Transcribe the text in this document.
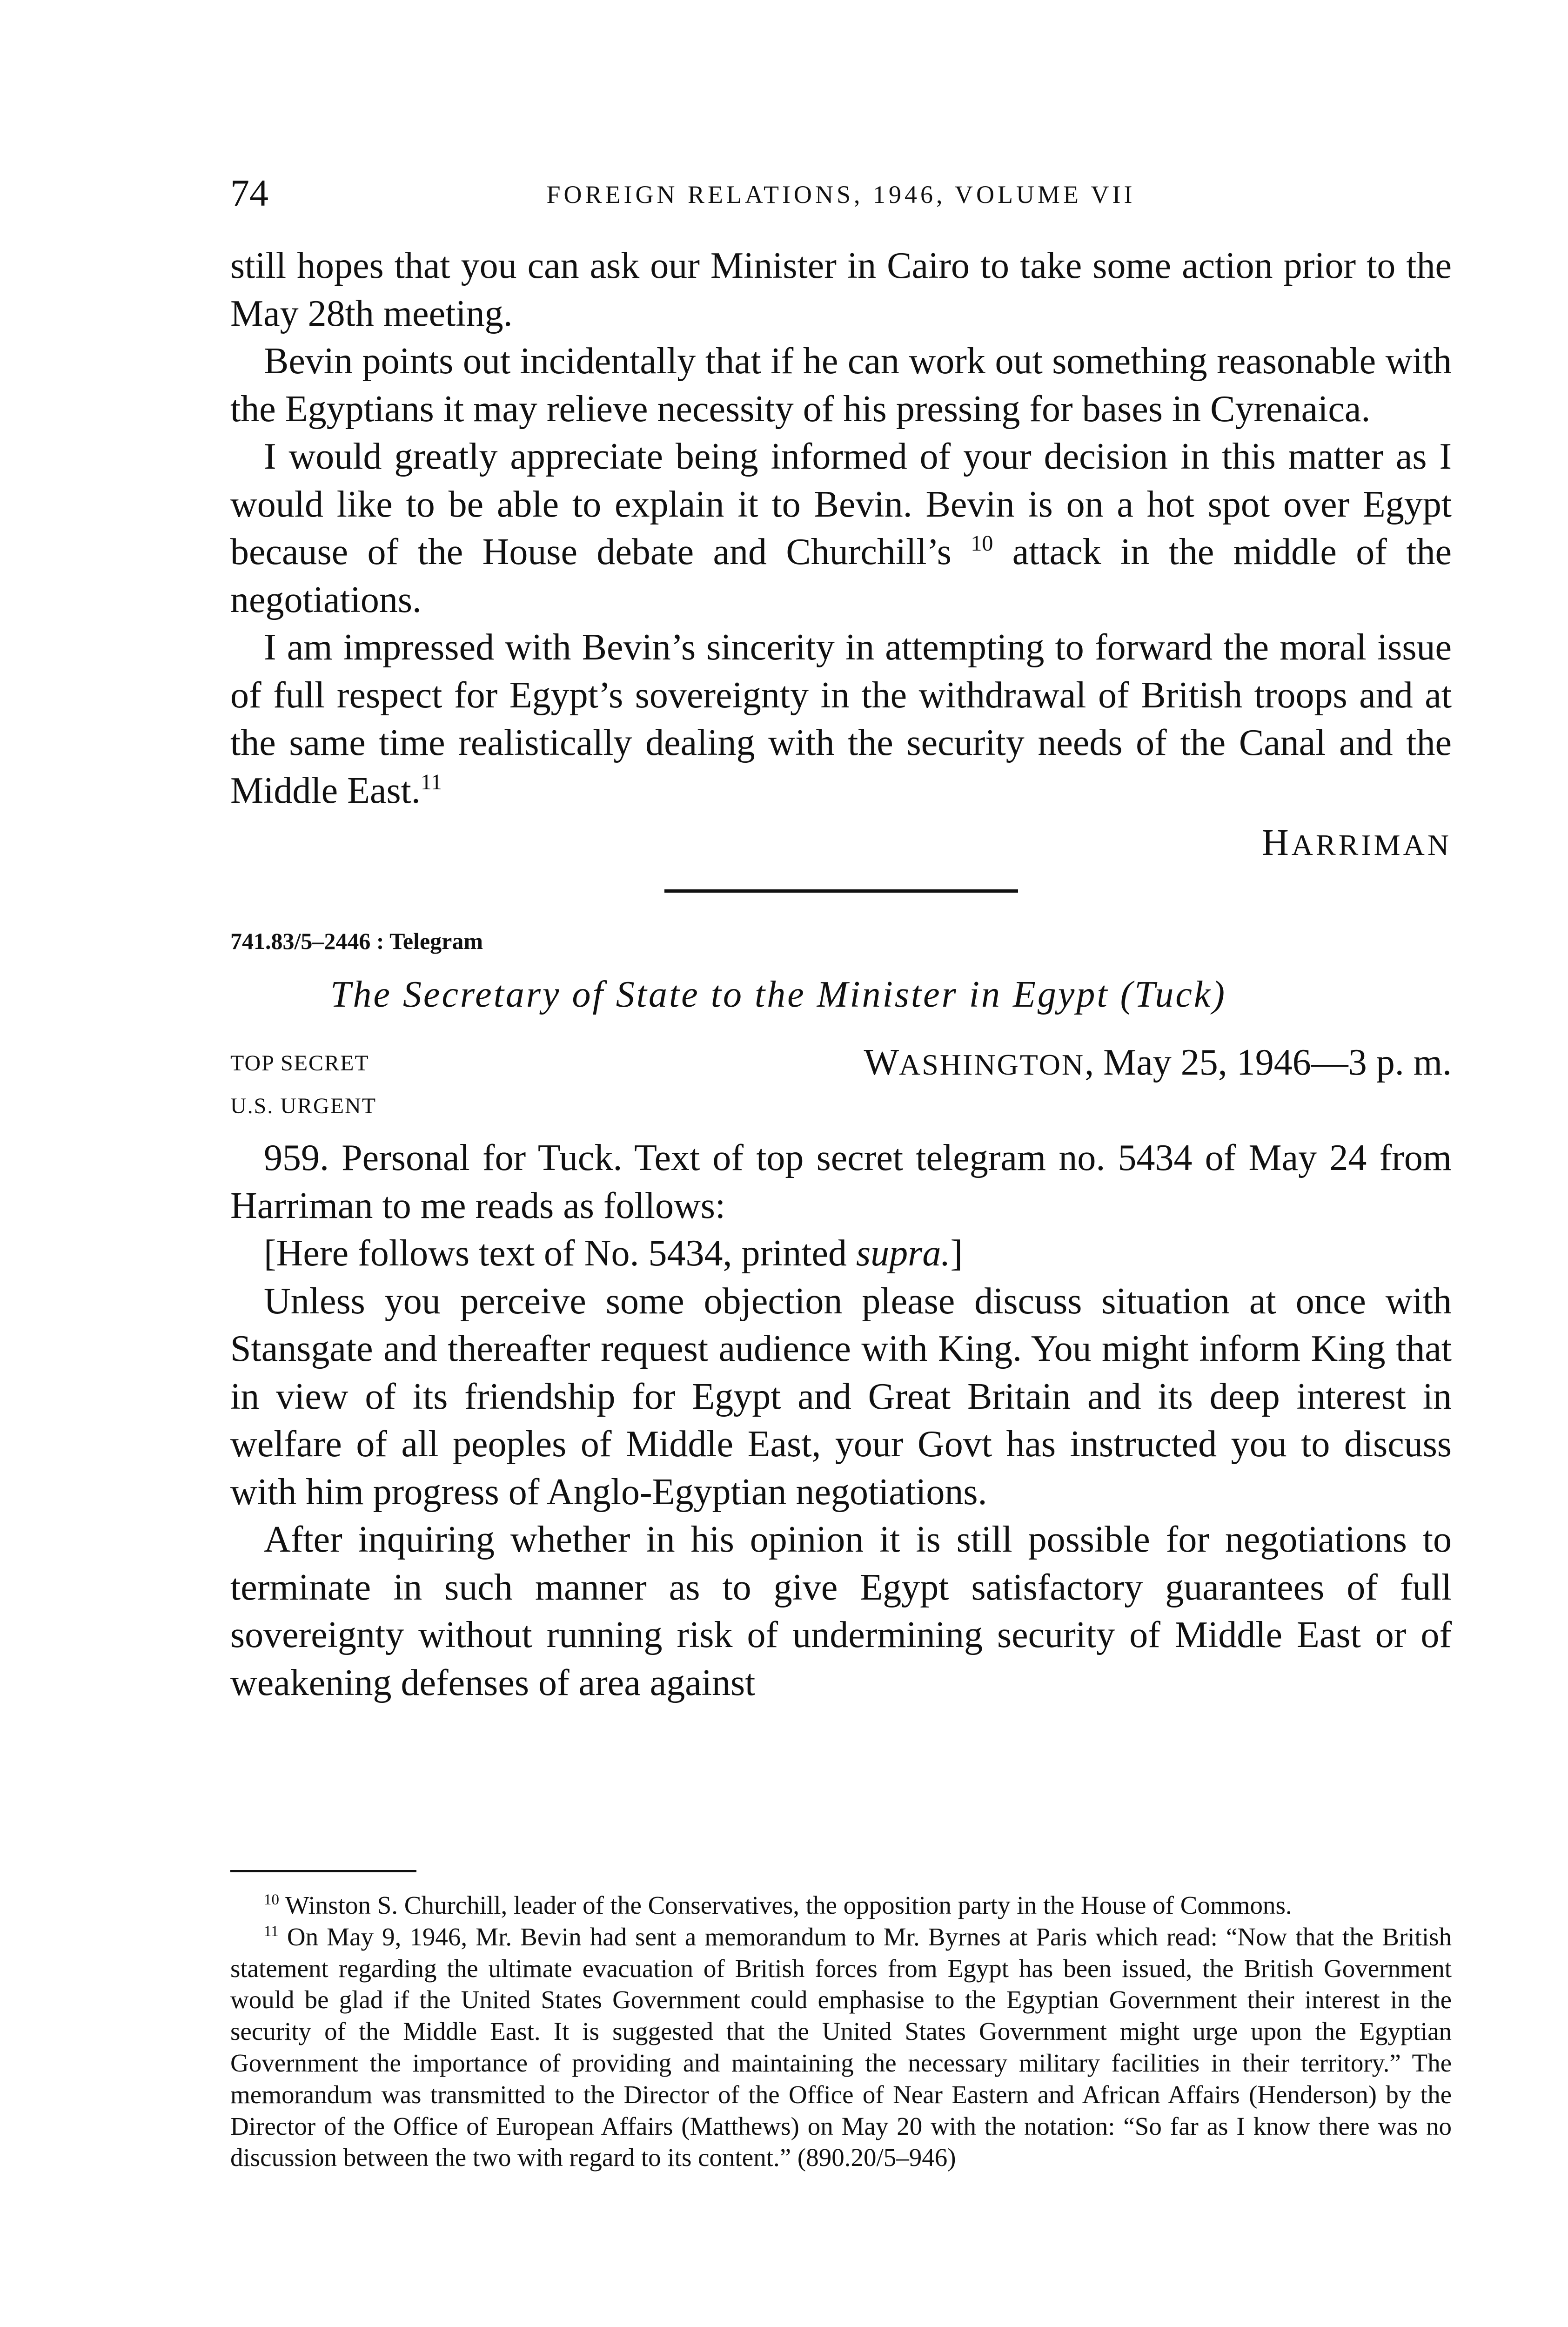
74	FOREIGN RELATIONS, 1946, VOLUME VII

still hopes that you can ask our Minister in Cairo to take some action prior to the May 28th meeting.

Bevin points out incidentally that if he can work out something reasonable with the Egyptians it may relieve necessity of his pressing for bases in Cyrenaica.

I would greatly appreciate being informed of your decision in this matter as I would like to be able to explain it to Bevin. Bevin is on a hot spot over Egypt because of the House debate and Churchill’s $^{10}$ attack in the middle of the negotiations.

I am impressed with Bevin’s sincerity in attempting to forward the moral issue of full respect for Egypt’s sovereignty in the withdrawal of British troops and at the same time realistically dealing with the security needs of the Canal and the Middle East.$^{11}$

HARRIMAN
741.83/5–2446 : Telegram
The Secretary of State to the Minister in Egypt (Tuck)
TOP SECRET	WASHINGTON, May 25, 1946—3 p. m.
U.S. URGENT

959. Personal for Tuck. Text of top secret telegram no. 5434 of May 24 from Harriman to me reads as follows:

[Here follows text of No. 5434, printed supra.]

Unless you perceive some objection please discuss situation at once with Stansgate and thereafter request audience with King. You might inform King that in view of its friendship for Egypt and Great Britain and its deep interest in welfare of all peoples of Middle East, your Govt has instructed you to discuss with him progress of Anglo-Egyptian negotiations.

After inquiring whether in his opinion it is still possible for negotiations to terminate in such manner as to give Egypt satisfactory guarantees of full sovereignty without running risk of undermining security of Middle East or of weakening defenses of area against

$^{10}$ Winston S. Churchill, leader of the Conservatives, the opposition party in the House of Commons.

$^{11}$ On May 9, 1946, Mr. Bevin had sent a memorandum to Mr. Byrnes at Paris which read: “Now that the British statement regarding the ultimate evacuation of British forces from Egypt has been issued, the British Government would be glad if the United States Government could emphasise to the Egyptian Government their interest in the security of the Middle East. It is suggested that the United States Government might urge upon the Egyptian Government the importance of providing and maintaining the necessary military facilities in their territory.” The memorandum was transmitted to the Director of the Office of Near Eastern and African Affairs (Henderson) by the Director of the Office of European Affairs (Matthews) on May 20 with the notation: “So far as I know there was no discussion between the two with regard to its content.” (890.20/5–946)
